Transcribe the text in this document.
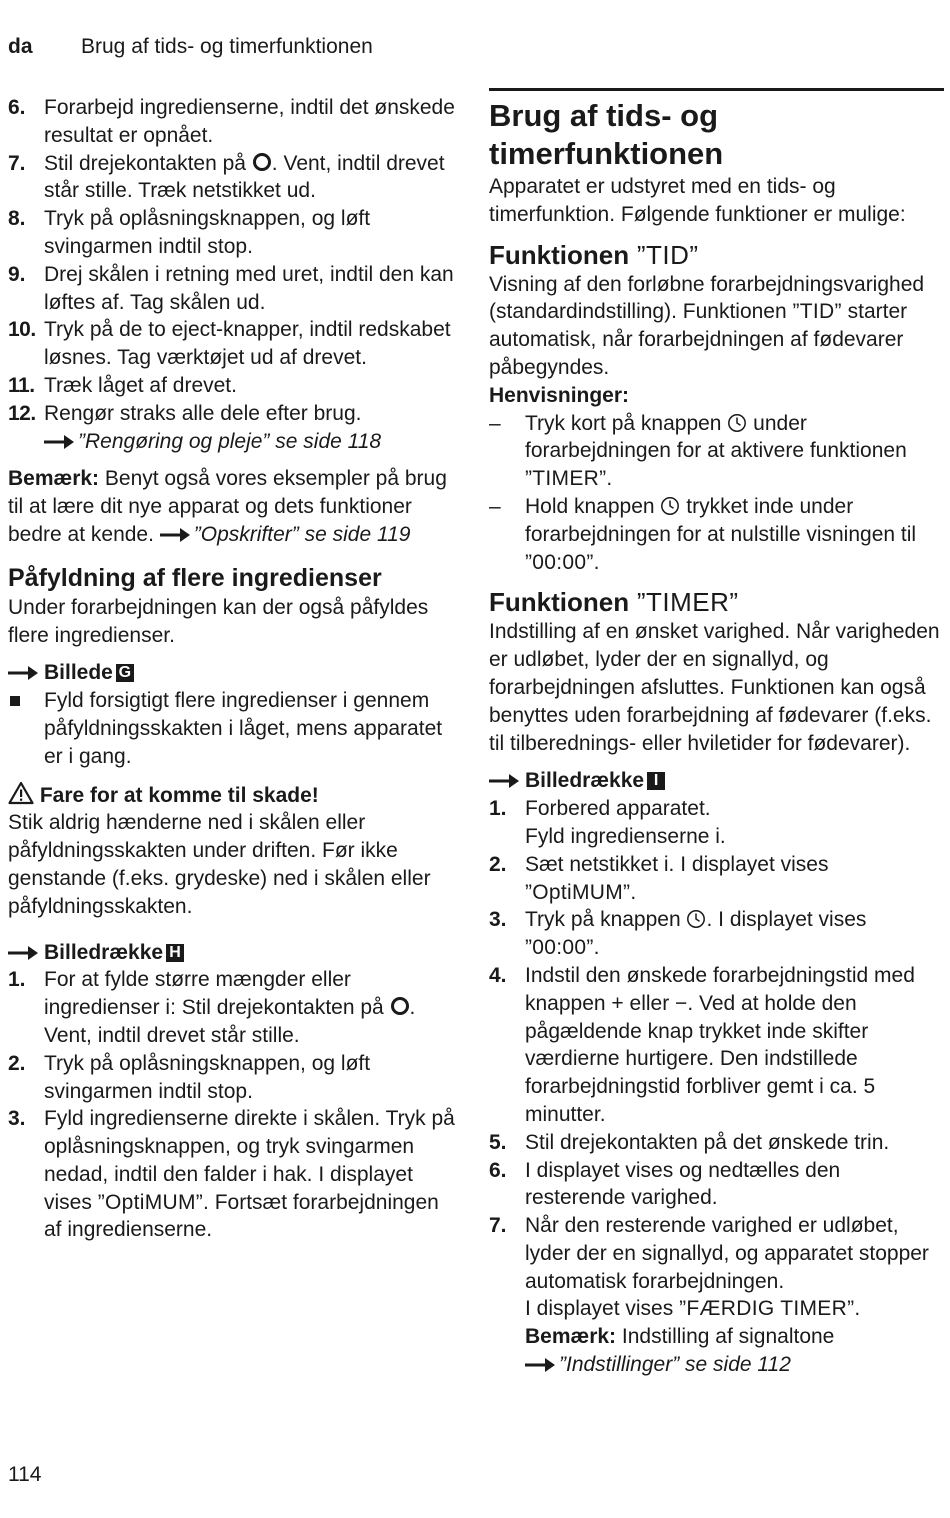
da Brug af tids- og timerfunktionen
6. Forarbejd ingredienserne, indtil det ønskede resultat er opnået.
7. Stil drejekontakten på . Vent, indtil drevet står stille. Træk netstikket ud.
8. Tryk på oplåsningsknappen, og løft svingarmen indtil stop.
9. Drej skålen i retning med uret, indtil den kan løftes af. Tag skålen ud.
10. Tryk på de to eject-knapper, indtil redskabet løsnes. Tag værktøjet ud af drevet.
11. Træk låget af drevet.
12. Rengør straks alle dele efter brug.
”Rengøring og pleje” se side 118
Bemærk: Benyt også vores eksempler på brug til at lære dit nye apparat og dets funktioner bedre at kende. ”Opskrifter” se side 119
Påfyldning af flere ingredienser
Under forarbejdningen kan der også påfyldes flere ingredienser.
Billede G
Fyld forsigtigt flere ingredienser i gennem påfyldningsskakten i låget, mens apparatet er i gang.
Fare for at komme til skade!
Stik aldrig hænderne ned i skålen eller påfyldningsskakten under driften. Før ikke genstande (f.eks. grydeske) ned i skålen eller påfyldningsskakten.
Billedrække H
1. For at fylde større mængder eller ingredienser i: Stil drejekontakten på . Vent, indtil drevet står stille.
2. Tryk på oplåsningsknappen, og løft svingarmen indtil stop.
3. Fyld ingredienserne direkte i skålen. Tryk på oplåsningsknappen, og tryk svingarmen nedad, indtil den falder i hak. I displayet vises ”OptiMUM”. Fortsæt forarbejdningen af ingredienserne.
Brug af tids- og timerfunktionen
Apparatet er udstyret med en tids- og timerfunktion. Følgende funktioner er mulige:
Funktionen ”TID”
Visning af den forløbne forarbejdningsvarighed (standardindstilling). Funktionen ”TID” starter automatisk, når forarbejdningen af fødevarer påbegyndes.
Henvisninger:
– Tryk kort på knappen  under forarbejdningen for at aktivere funktionen ”TIMER”.
– Hold knappen  trykket inde under forarbejdningen for at nulstille visningen til ”00:00”.
Funktionen ”TIMER”
Indstilling af en ønsket varighed. Når varigheden er udløbet, lyder der en signallyd, og forarbejdningen afsluttes. Funktionen kan også benyttes uden forarbejdning af fødevarer (f.eks. til tilberednings- eller hviletider for fødevarer).
Billedrække I
1. Forbered apparatet.
Fyld ingredienserne i.
2. Sæt netstikket i. I displayet vises ”OptiMUM”.
3. Tryk på knappen . I displayet vises ”00:00”.
4. Indstil den ønskede forarbejdningstid med knappen + eller −. Ved at holde den pågældende knap trykket inde skifter værdierne hurtigere. Den indstillede forarbejdningstid forbliver gemt i ca. 5 minutter.
5. Stil drejekontakten på det ønskede trin.
6. I displayet vises og nedtælles den resterende varighed.
7. Når den resterende varighed er udløbet, lyder der en signallyd, og apparatet stopper automatisk forarbejdningen.
I displayet vises ”FÆRDIG TIMER”.
Bemærk: Indstilling af signaltone
”Indstillinger” se side 112
114
